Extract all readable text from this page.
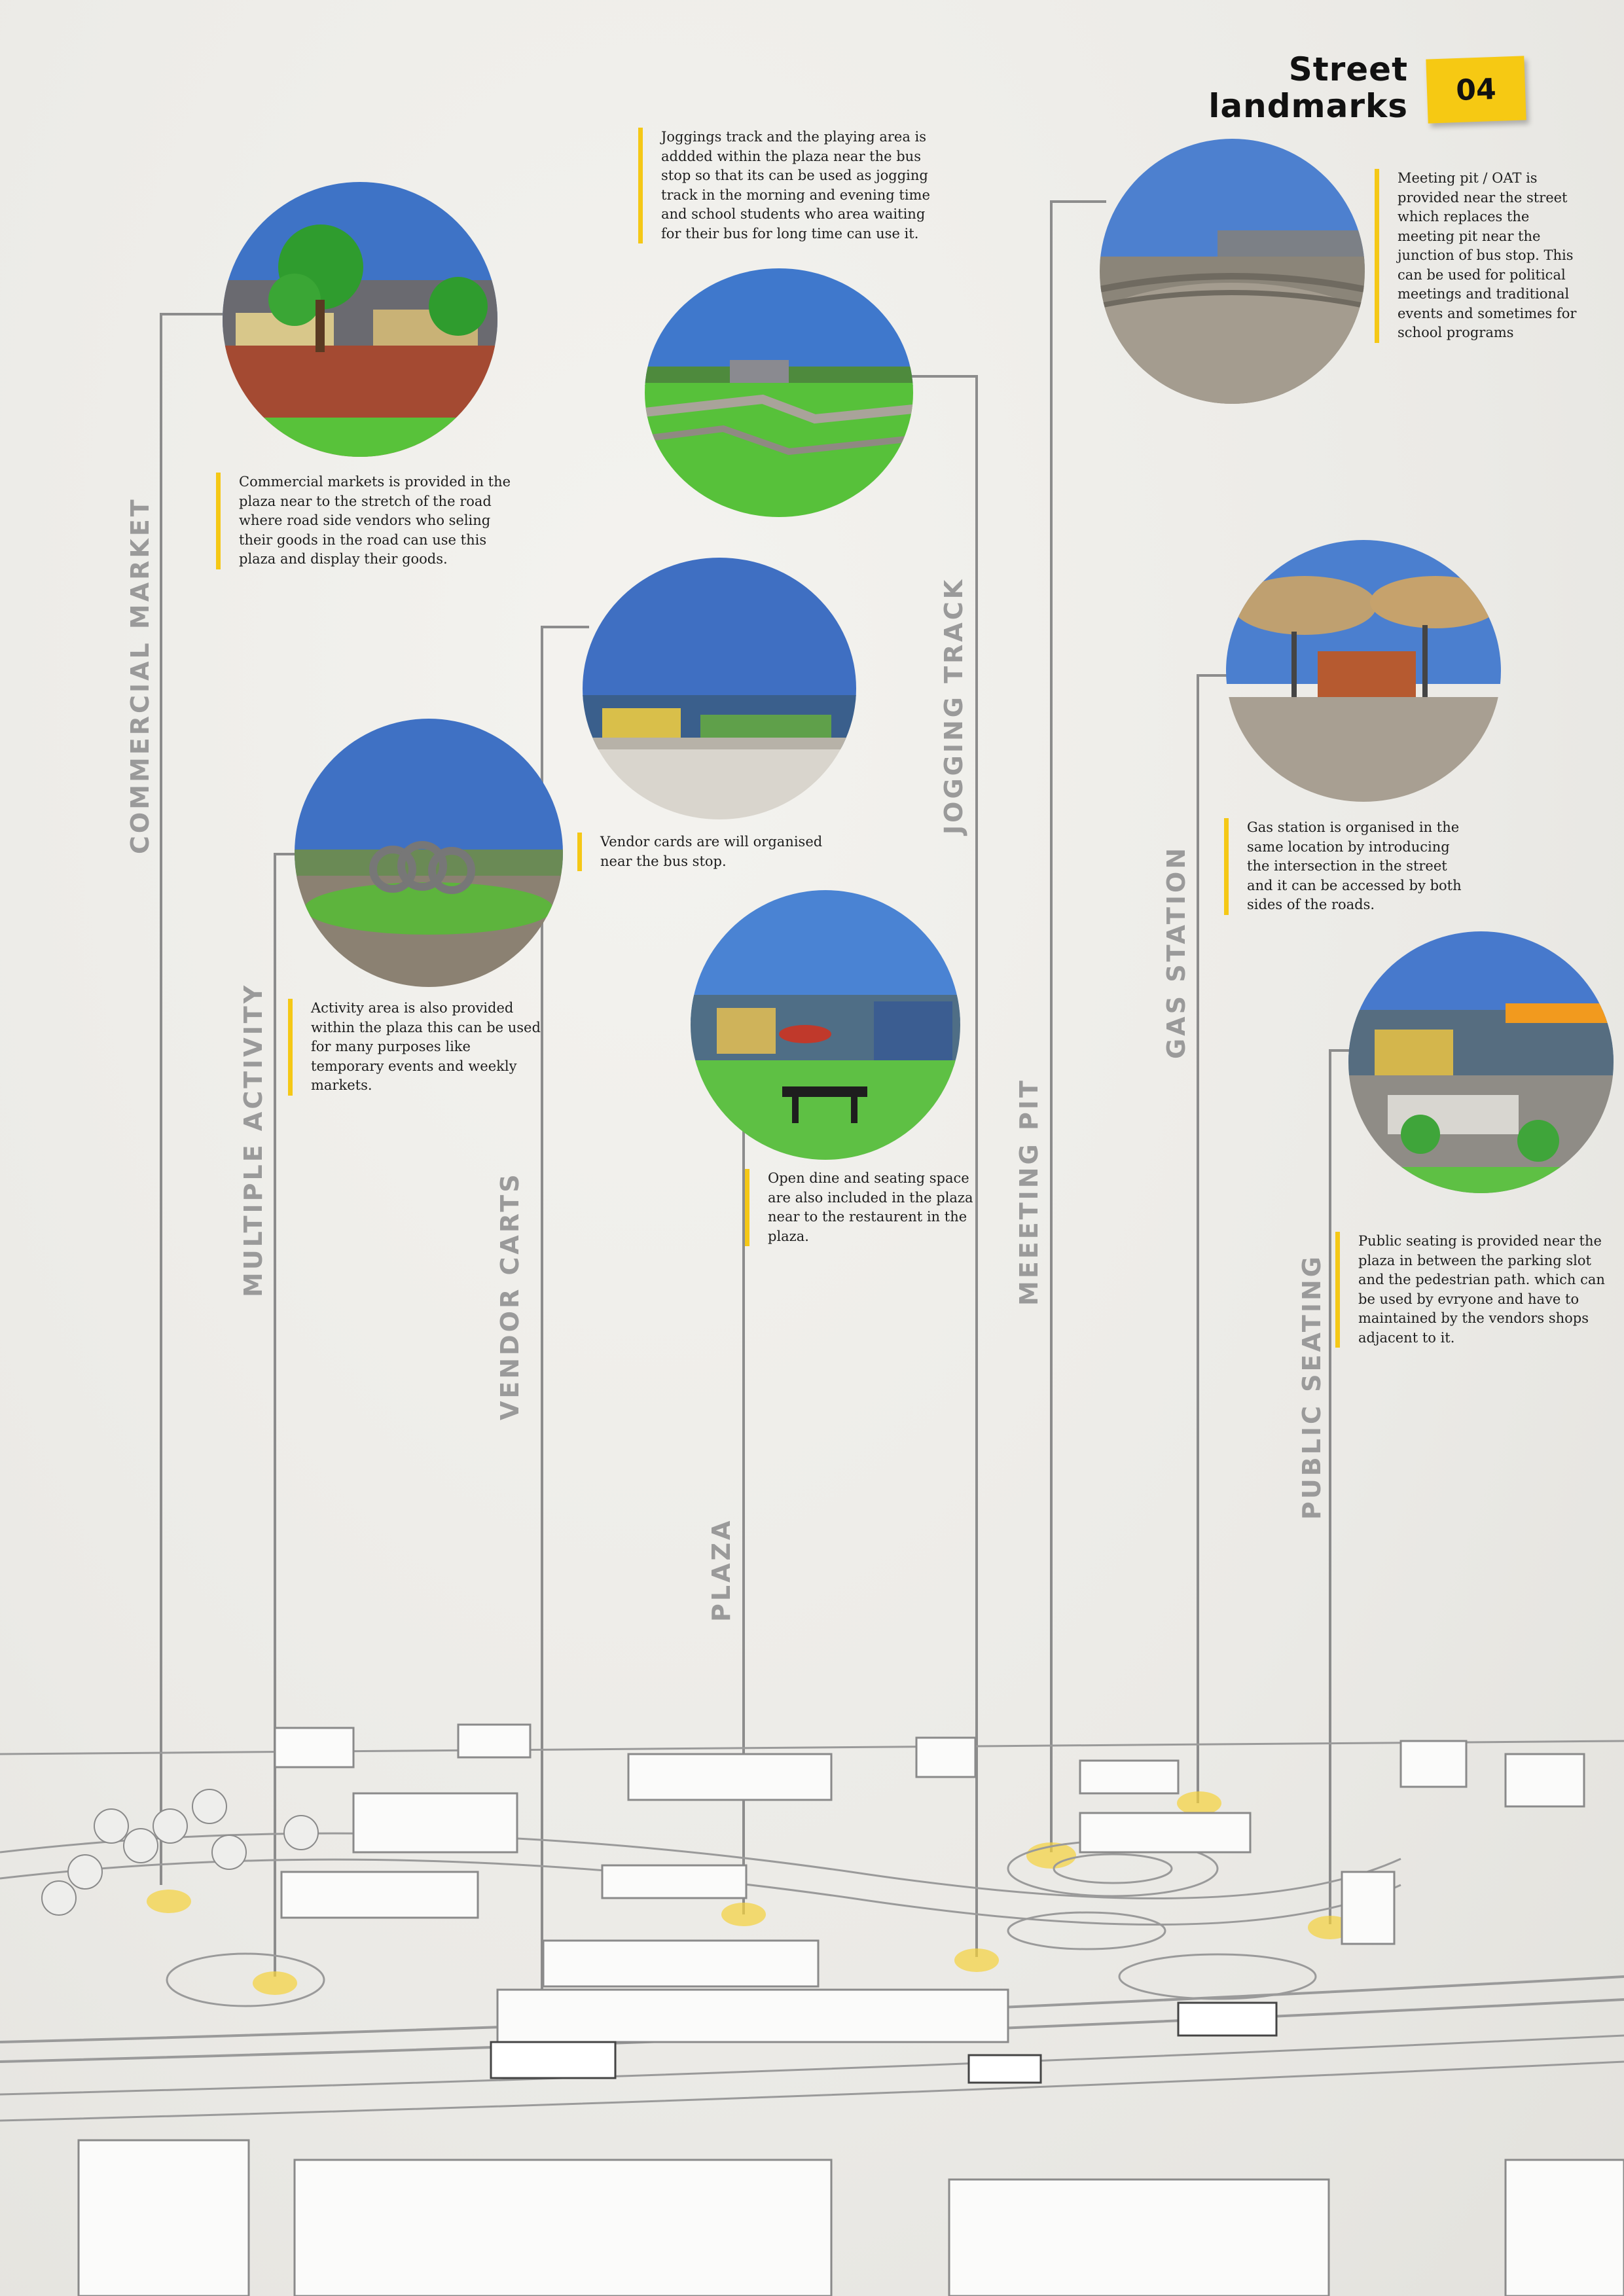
Street
landmarks	04
Joggings track and the playing area is addded within the plaza near the bus stop so that its can be used as jogging track in the morning and evening time and school students who area waiting for their bus for long time can use it.
Meeting pit / OAT is provided near the street which replaces the meeting pit near the junction of bus stop. This can be used for political meetings and traditional events and sometimes for school programs
Commercial markets is provided in the plaza near to the stretch of the road where road side vendors who seling their goods in the road can use this plaza and display their goods.
Vendor cards are will organised near the bus stop.
Activity area is also provided within the plaza this can be used for many purposes like temporary events and weekly markets.
Open dine and seating space are also included in the plaza near to the restaurent in the plaza.
Gas station is organised in the same location by introducing the intersection in the street and it can be accessed by both sides of the roads.
Public seating is provided near the plaza in between the parking slot and the pedestrian path. which can be used by evryone and have to maintained by the vendors shops adjacent to it.
COMMERCIAL MARKET
MULTIPLE ACTIVITY	VENDOR CARTS
PLAZA
JOGGING TRACK
MEEETING PIT
GAS STATION
PUBLIC SEATING
